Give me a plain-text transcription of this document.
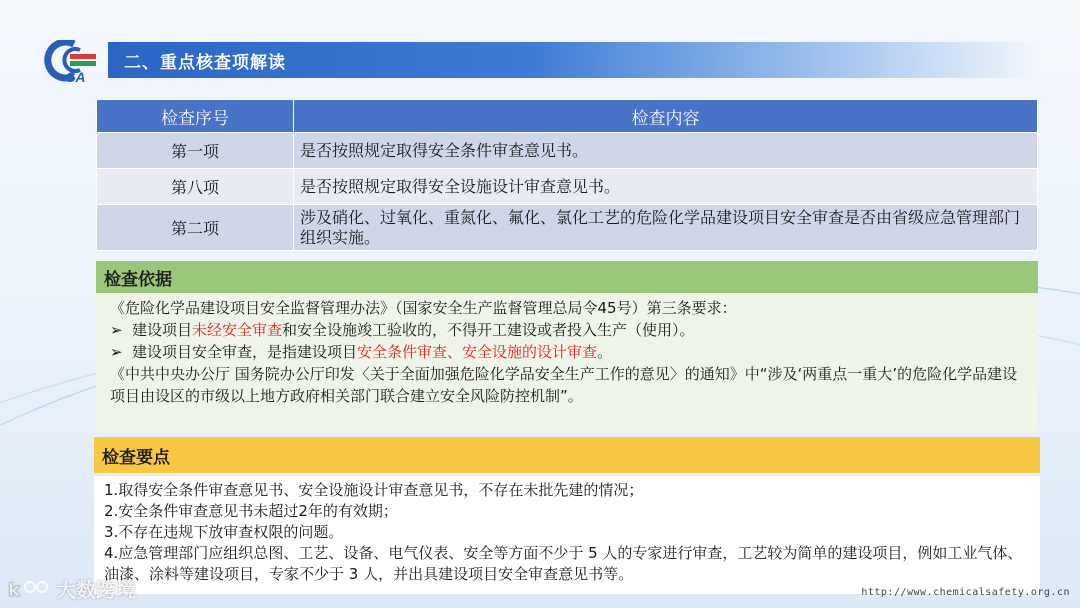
SA
二、重点核查项解读
检查序号	检查内容
第一项	是否按照规定取得安全条件审查意见书。
第八项	是否按照规定取得安全设施设计审查意见书。
第二项	涉及硝化、过氧化、重氮化、氟化、氯化工艺的危险化学品建设项目安全审查是否由省级应急管理部门组织实施。
检查依据
《危险化学品建设项目安全监督管理办法》（国家安全生产监督管理总局令45号）第三条要求：
➢ 建设项目未经安全审查和安全设施竣工验收的，不得开工建设或者投入生产（使用）。
➢ 建设项目安全审查，是指建设项目安全条件审查、安全设施的设计审查。
《中共中央办公厅 国务院办公厅印发〈关于全面加强危险化学品安全生产工作的意见〉的通知》中“涉及‘两重点一重大’的危险化学品建设项目由设区的市级以上地方政府相关部门联合建立安全风险防控机制”。
检查要点
1.取得安全条件审查意见书、安全设施设计审查意见书，不存在未批先建的情况；
2.安全条件审查意见书未超过2年的有效期；
3.不存在违规下放审查权限的问题。
4.应急管理部门应组织总图、工艺、设备、电气仪表、安全等方面不少于 5 人的专家进行审查，工艺较为简单的建设项目，例如工业气体、油漆、涂料等建设项目，专家不少于 3 人，并出具建设项目安全审查意见书等。
k 大数跨境	http://www.chemicalsafety.org.cn
